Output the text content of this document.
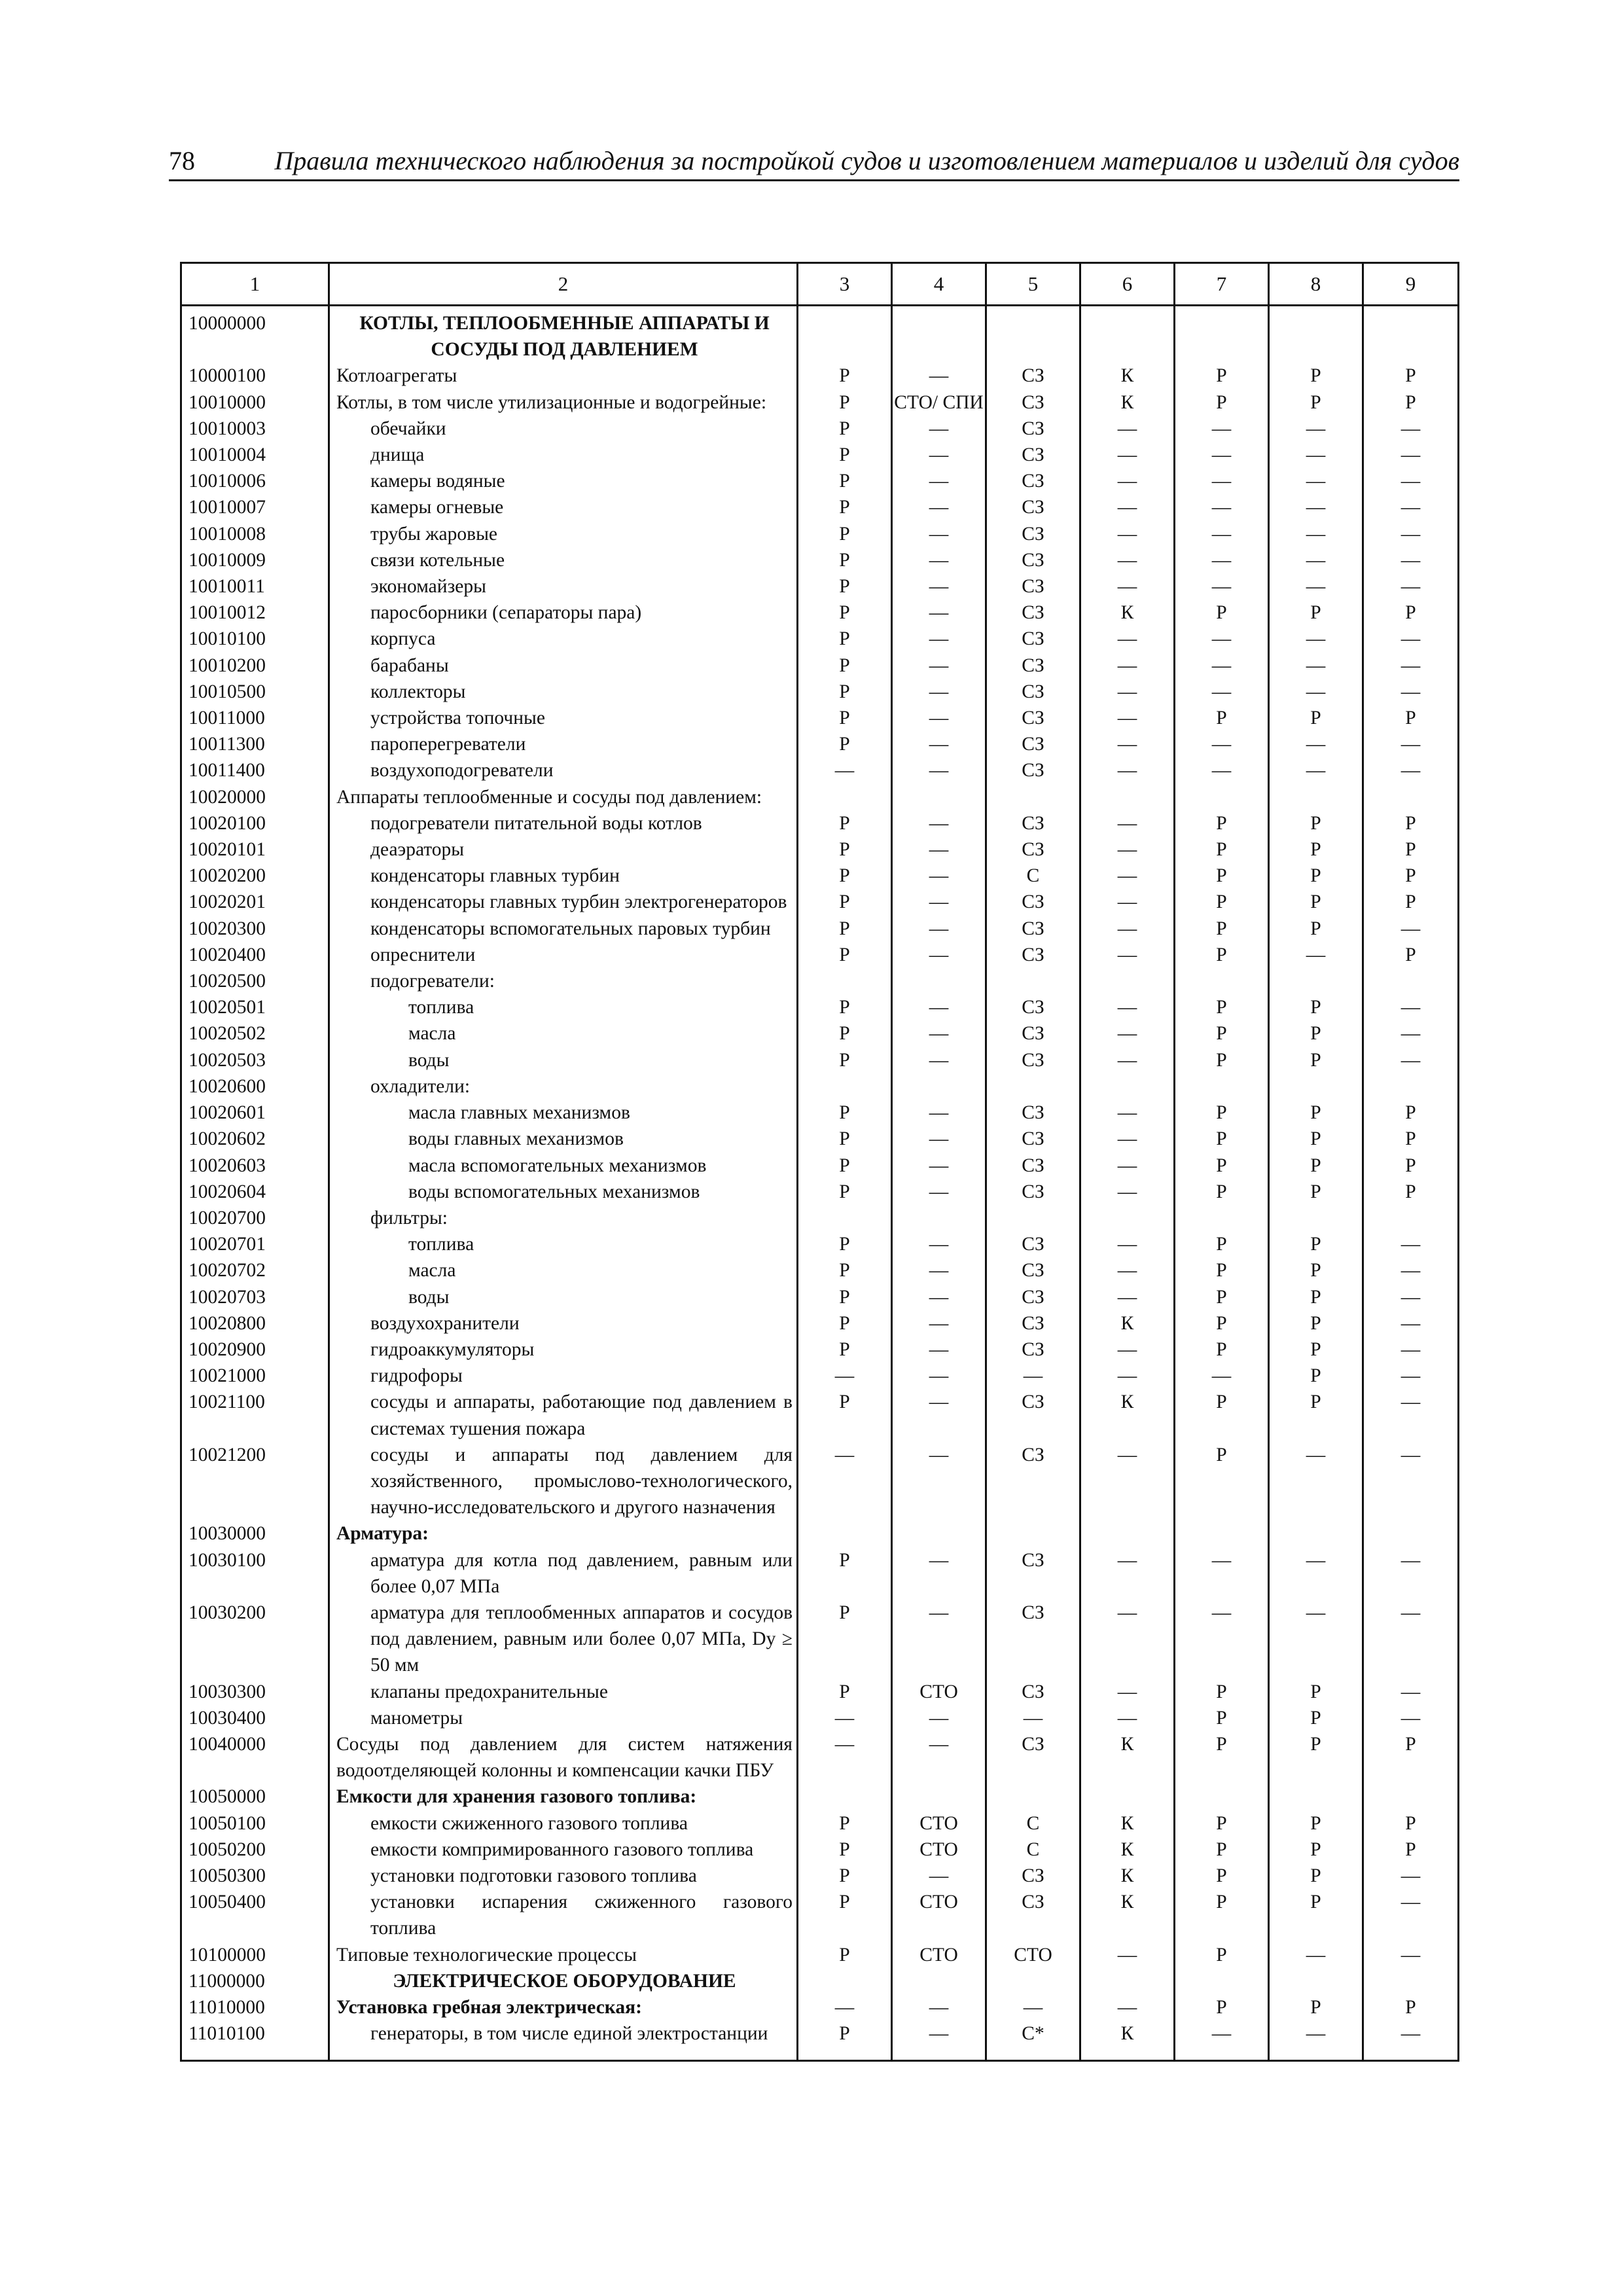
78	Правила технического наблюдения за постройкой судов и изготовлением материалов и изделий для судов
1	2	3	4	5	6	7	8	9
10000000	КОТЛЫ, ТЕПЛООБМЕННЫЕ АППАРАТЫ И СОСУДЫ ПОД ДАВЛЕНИЕМ							
10000100	Котлоагрегаты	Р	—	СЗ	К	Р	Р	Р
10010000	Котлы, в том числе утилизационные и водогрейные:	Р	СТО/ СПИ	СЗ	К	Р	Р	Р
10010003	обечайки	Р	—	СЗ	—	—	—	—
10010004	днища	Р	—	СЗ	—	—	—	—
10010006	камеры водяные	Р	—	СЗ	—	—	—	—
10010007	камеры огневые	Р	—	СЗ	—	—	—	—
10010008	трубы жаровые	Р	—	СЗ	—	—	—	—
10010009	связи котельные	Р	—	СЗ	—	—	—	—
10010011	экономайзеры	Р	—	СЗ	—	—	—	—
10010012	паросборники (сепараторы пара)	Р	—	СЗ	К	Р	Р	Р
10010100	корпуса	Р	—	СЗ	—	—	—	—
10010200	барабаны	Р	—	СЗ	—	—	—	—
10010500	коллекторы	Р	—	СЗ	—	—	—	—
10011000	устройства топочные	Р	—	СЗ	—	Р	Р	Р
10011300	пароперегреватели	Р	—	СЗ	—	—	—	—
10011400	воздухоподогреватели	—	—	СЗ	—	—	—	—
10020000	Аппараты теплообменные и сосуды под давлением:							
10020100	подогреватели питательной воды котлов	Р	—	СЗ	—	Р	Р	Р
10020101	деаэраторы	Р	—	СЗ	—	Р	Р	Р
10020200	конденсаторы главных турбин	Р	—	С	—	Р	Р	Р
10020201	конденсаторы главных турбин электрогенераторов	Р	—	СЗ	—	Р	Р	Р
10020300	конденсаторы вспомогательных паровых турбин	Р	—	СЗ	—	Р	Р	—
10020400	опреснители	Р	—	СЗ	—	Р	—	Р
10020500	подогреватели:							
10020501	топлива	Р	—	СЗ	—	Р	Р	—
10020502	масла	Р	—	СЗ	—	Р	Р	—
10020503	воды	Р	—	СЗ	—	Р	Р	—
10020600	охладители:							
10020601	масла главных механизмов	Р	—	СЗ	—	Р	Р	Р
10020602	воды главных механизмов	Р	—	СЗ	—	Р	Р	Р
10020603	масла вспомогательных механизмов	Р	—	СЗ	—	Р	Р	Р
10020604	воды вспомогательных механизмов	Р	—	СЗ	—	Р	Р	Р
10020700	фильтры:							
10020701	топлива	Р	—	СЗ	—	Р	Р	—
10020702	масла	Р	—	СЗ	—	Р	Р	—
10020703	воды	Р	—	СЗ	—	Р	Р	—
10020800	воздухохранители	Р	—	СЗ	К	Р	Р	—
10020900	гидроаккумуляторы	Р	—	СЗ	—	Р	Р	—
10021000	гидрофоры	—	—	—	—	—	Р	—
10021100	сосуды и аппараты, работающие под давлением в системах тушения пожара	Р	—	СЗ	К	Р	Р	—
10021200	сосуды и аппараты под давлением для хозяйственного, промыслово-технологического, научно-исследовательского и другого назначения	—	—	СЗ	—	Р	—	—
10030000	Арматура:							
10030100	арматура для котла под давлением, равным или более 0,07 МПа	Р	—	СЗ	—	—	—	—
10030200	арматура для теплообменных аппаратов и сосудов под давлением, равным или более 0,07 МПа, Dу ≥ 50 мм	Р	—	СЗ	—	—	—	—
10030300	клапаны предохранительные	Р	СТО	СЗ	—	Р	Р	—
10030400	манометры	—	—	—	—	Р	Р	—
10040000	Сосуды под давлением для систем натяжения водоотделяющей колонны и компенсации качки ПБУ	—	—	СЗ	К	Р	Р	Р
10050000	Емкости для хранения газового топлива:							
10050100	емкости сжиженного газового топлива	Р	СТО	С	К	Р	Р	Р
10050200	емкости компримированного газового топлива	Р	СТО	С	К	Р	Р	Р
10050300	установки подготовки газового топлива	Р	—	СЗ	К	Р	Р	—
10050400	установки испарения сжиженного газового топлива	Р	СТО	СЗ	К	Р	Р	—
10100000	Типовые технологические процессы	Р	СТО	СТО	—	Р	—	—
11000000	ЭЛЕКТРИЧЕСКОЕ ОБОРУДОВАНИЕ							
11010000	Установка гребная электрическая:	—	—	—	—	Р	Р	Р
11010100	генераторы, в том числе единой электростанции	Р	—	С*	К	—	—	—
